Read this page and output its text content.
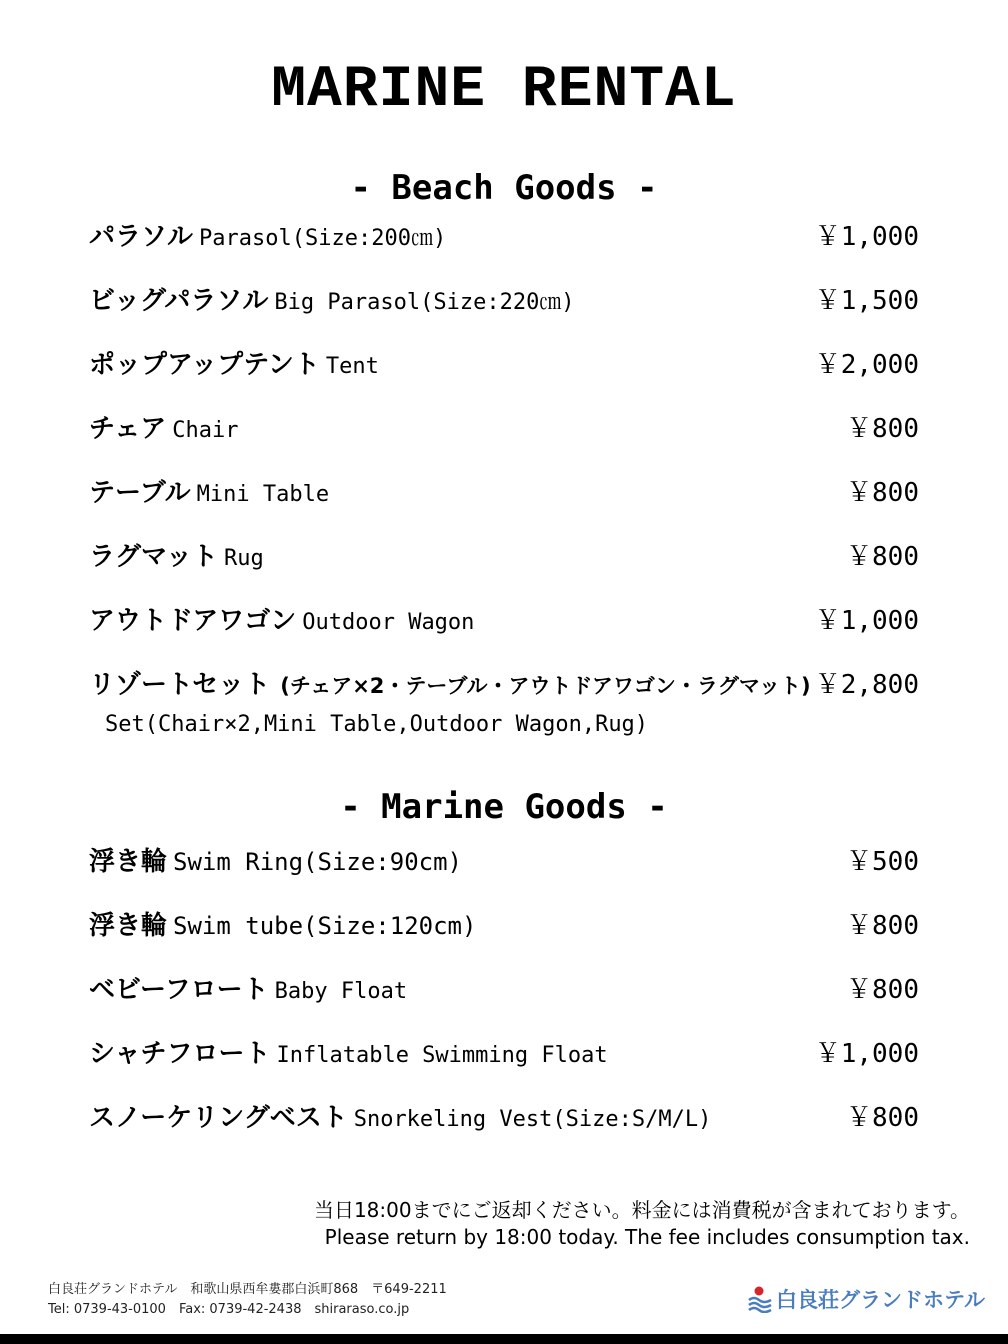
MARINE RENTAL
- Beach Goods -
パラソル Parasol(Size:200㎝)	￥1,000
ビッグパラソル Big Parasol(Size:220㎝)	￥1,500
ポップアップテント Tent	￥2,000
チェア Chair	￥800
テーブル Mini Table	￥800
ラグマット Rug	￥800
アウトドアワゴン Outdoor Wagon	￥1,000
リゾートセット (チェア×2・テーブル・アウトドアワゴン・ラグマット) ￥2,800
Set(Chair×2,Mini Table,Outdoor Wagon,Rug)
- Marine Goods -
浮き輪 Swim Ring(Size:90cm)	￥500
浮き輪 Swim tube(Size:120cm)	￥800
ベビーフロート Baby Float	￥800
シャチフロート Inflatable Swimming Float	￥1,000
スノーケリングベスト Snorkeling Vest(Size:S/M/L)	￥800
当日18:00までにご返却ください。料金には消費税が含まれております。
Please return by 18:00 today. The fee includes consumption tax.
白良荘グランドホテル　和歌山県西牟婁郡白浜町868　〒649-2211
Tel: 0739-43-0100　Fax: 0739-42-2438　shiraraso.co.jp	白良荘グランドホテル
